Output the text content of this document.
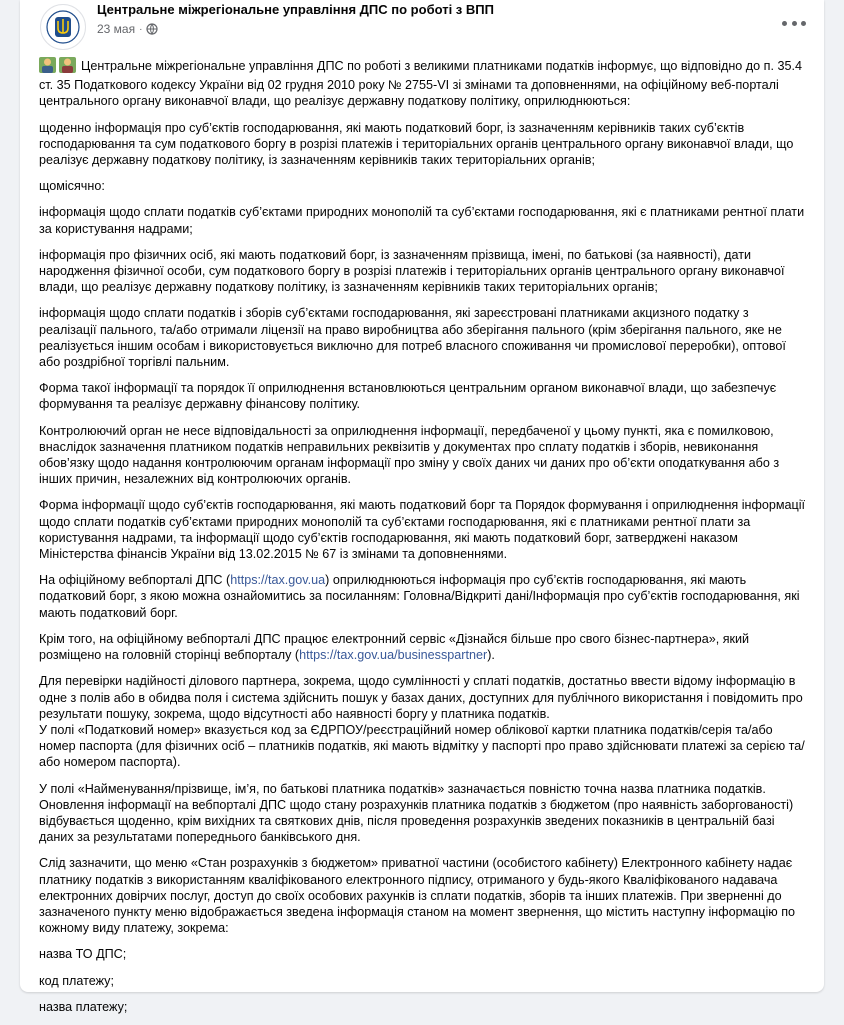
Центральне міжрегіональне управління ДПС по роботі з ВПП
23 мая ·

Центральне міжрегіональне управління ДПС по роботі з великими платниками податків інформує, що відповідно до п. 35.4 ст. 35 Податкового кодексу України від 02 грудня 2010 року № 2755-VI зі змінами та доповненнями, на офіційному веб-порталі центрального органу виконавчої влади, що реалізує державну податкову політику, оприлюднюються:

щоденно інформація про суб’єктів господарювання, які мають податковий борг, із зазначенням керівників таких суб’єктів господарювання та сум податкового боргу в розрізі платежів і територіальних органів центрального органу виконавчої влади, що реалізує державну податкову політику, із зазначенням керівників таких територіальних органів;

щомісячно:

інформація щодо сплати податків суб’єктами природних монополій та суб’єктами господарювання, які є платниками рентної плати за користування надрами;

інформація про фізичних осіб, які мають податковий борг, із зазначенням прізвища, імені, по батькові (за наявності), дати народження фізичної особи, сум податкового боргу в розрізі платежів і територіальних органів центрального органу виконавчої влади, що реалізує державну податкову політику, із зазначенням керівників таких територіальних органів;

інформація щодо сплати податків і зборів суб’єктами господарювання, які зареєстровані платниками акцизного податку з реалізації пального, та/або отримали ліцензії на право виробництва або зберігання пального (крім зберігання пального, яке не реалізується іншим особам і використовується виключно для потреб власного споживання чи промислової переробки), оптової або роздрібної торгівлі пальним.

Форма такої інформації та порядок її оприлюднення встановлюються центральним органом виконавчої влади, що забезпечує формування та реалізує державну фінансову політику.

Контролюючий орган не несе відповідальності за оприлюднення інформації, передбаченої у цьому пункті, яка є помилковою, внаслідок зазначення платником податків неправильних реквізитів у документах про сплату податків і зборів, невиконання обов’язку щодо надання контролюючим органам інформації про зміну у своїх даних чи даних про об’єкти оподаткування або з інших причин, незалежних від контролюючих органів.

Форма інформації щодо суб’єктів господарювання, які мають податковий борг та Порядок формування і оприлюднення інформації щодо сплати податків суб’єктами природних монополій та суб’єктами господарювання, які є платниками рентної плати за користування надрами, та інформації щодо суб’єктів господарювання, які мають податковий борг, затверджені наказом Міністерства фінансів України від 13.02.2015 № 67 із змінами та доповненнями.

На офіційному вебпорталі ДПС (https://tax.gov.ua) оприлюднюються інформація про суб’єктів господарювання, які мають податковий борг, з якою можна ознайомитись за посиланням: Головна/Відкриті дані/Інформація про суб’єктів господарювання, які мають податковий борг.

Крім того, на офіційному вебпорталі ДПС працює електронний сервіс «Дізнайся більше про свого бізнес-партнера», який розміщено на головній сторінці вебпорталу (https://tax.gov.ua/businesspartner).

Для перевірки надійності ділового партнера, зокрема, щодо сумлінності у сплаті податків, достатньо ввести відому інформацію в одне з полів або в обидва поля і система здійснить пошук у базах даних, доступних для публічного використання і повідомить про результати пошуку, зокрема, щодо відсутності або наявності боргу у платника податків.

У полі «Податковий номер» вказується код за ЄДРПОУ/реєстраційний номер облікової картки платника податків/серія та/або номер паспорта (для фізичних осіб – платників податків, які мають відмітку у паспорті про право здійснювати платежі за серією та/або номером паспорта).

У полі «Найменування/прізвище, ім’я, по батькові платника податків» зазначається повністю точна назва платника податків.

Оновлення інформації на вебпорталі ДПС щодо стану розрахунків платника податків з бюджетом (про наявність заборгованості) відбувається щоденно, крім вихідних та святкових днів, після проведення розрахунків зведених показників в центральній базі даних за результатами попереднього банківського дня.

Слід зазначити, що меню «Стан розрахунків з бюджетом» приватної частини (особистого кабінету) Електронного кабінету надає платнику податків з використанням кваліфікованого електронного підпису, отриманого у будь-якого Кваліфікованого надавача електронних довірчих послуг, доступ до своїх особових рахунків із сплати податків, зборів та інших платежів. При зверненні до зазначеного пункту меню відображається зведена інформація станом на момент звернення, що містить наступну інформацію по кожному виду платежу, зокрема:

назва ТО ДПС;

код платежу;

назва платежу;
